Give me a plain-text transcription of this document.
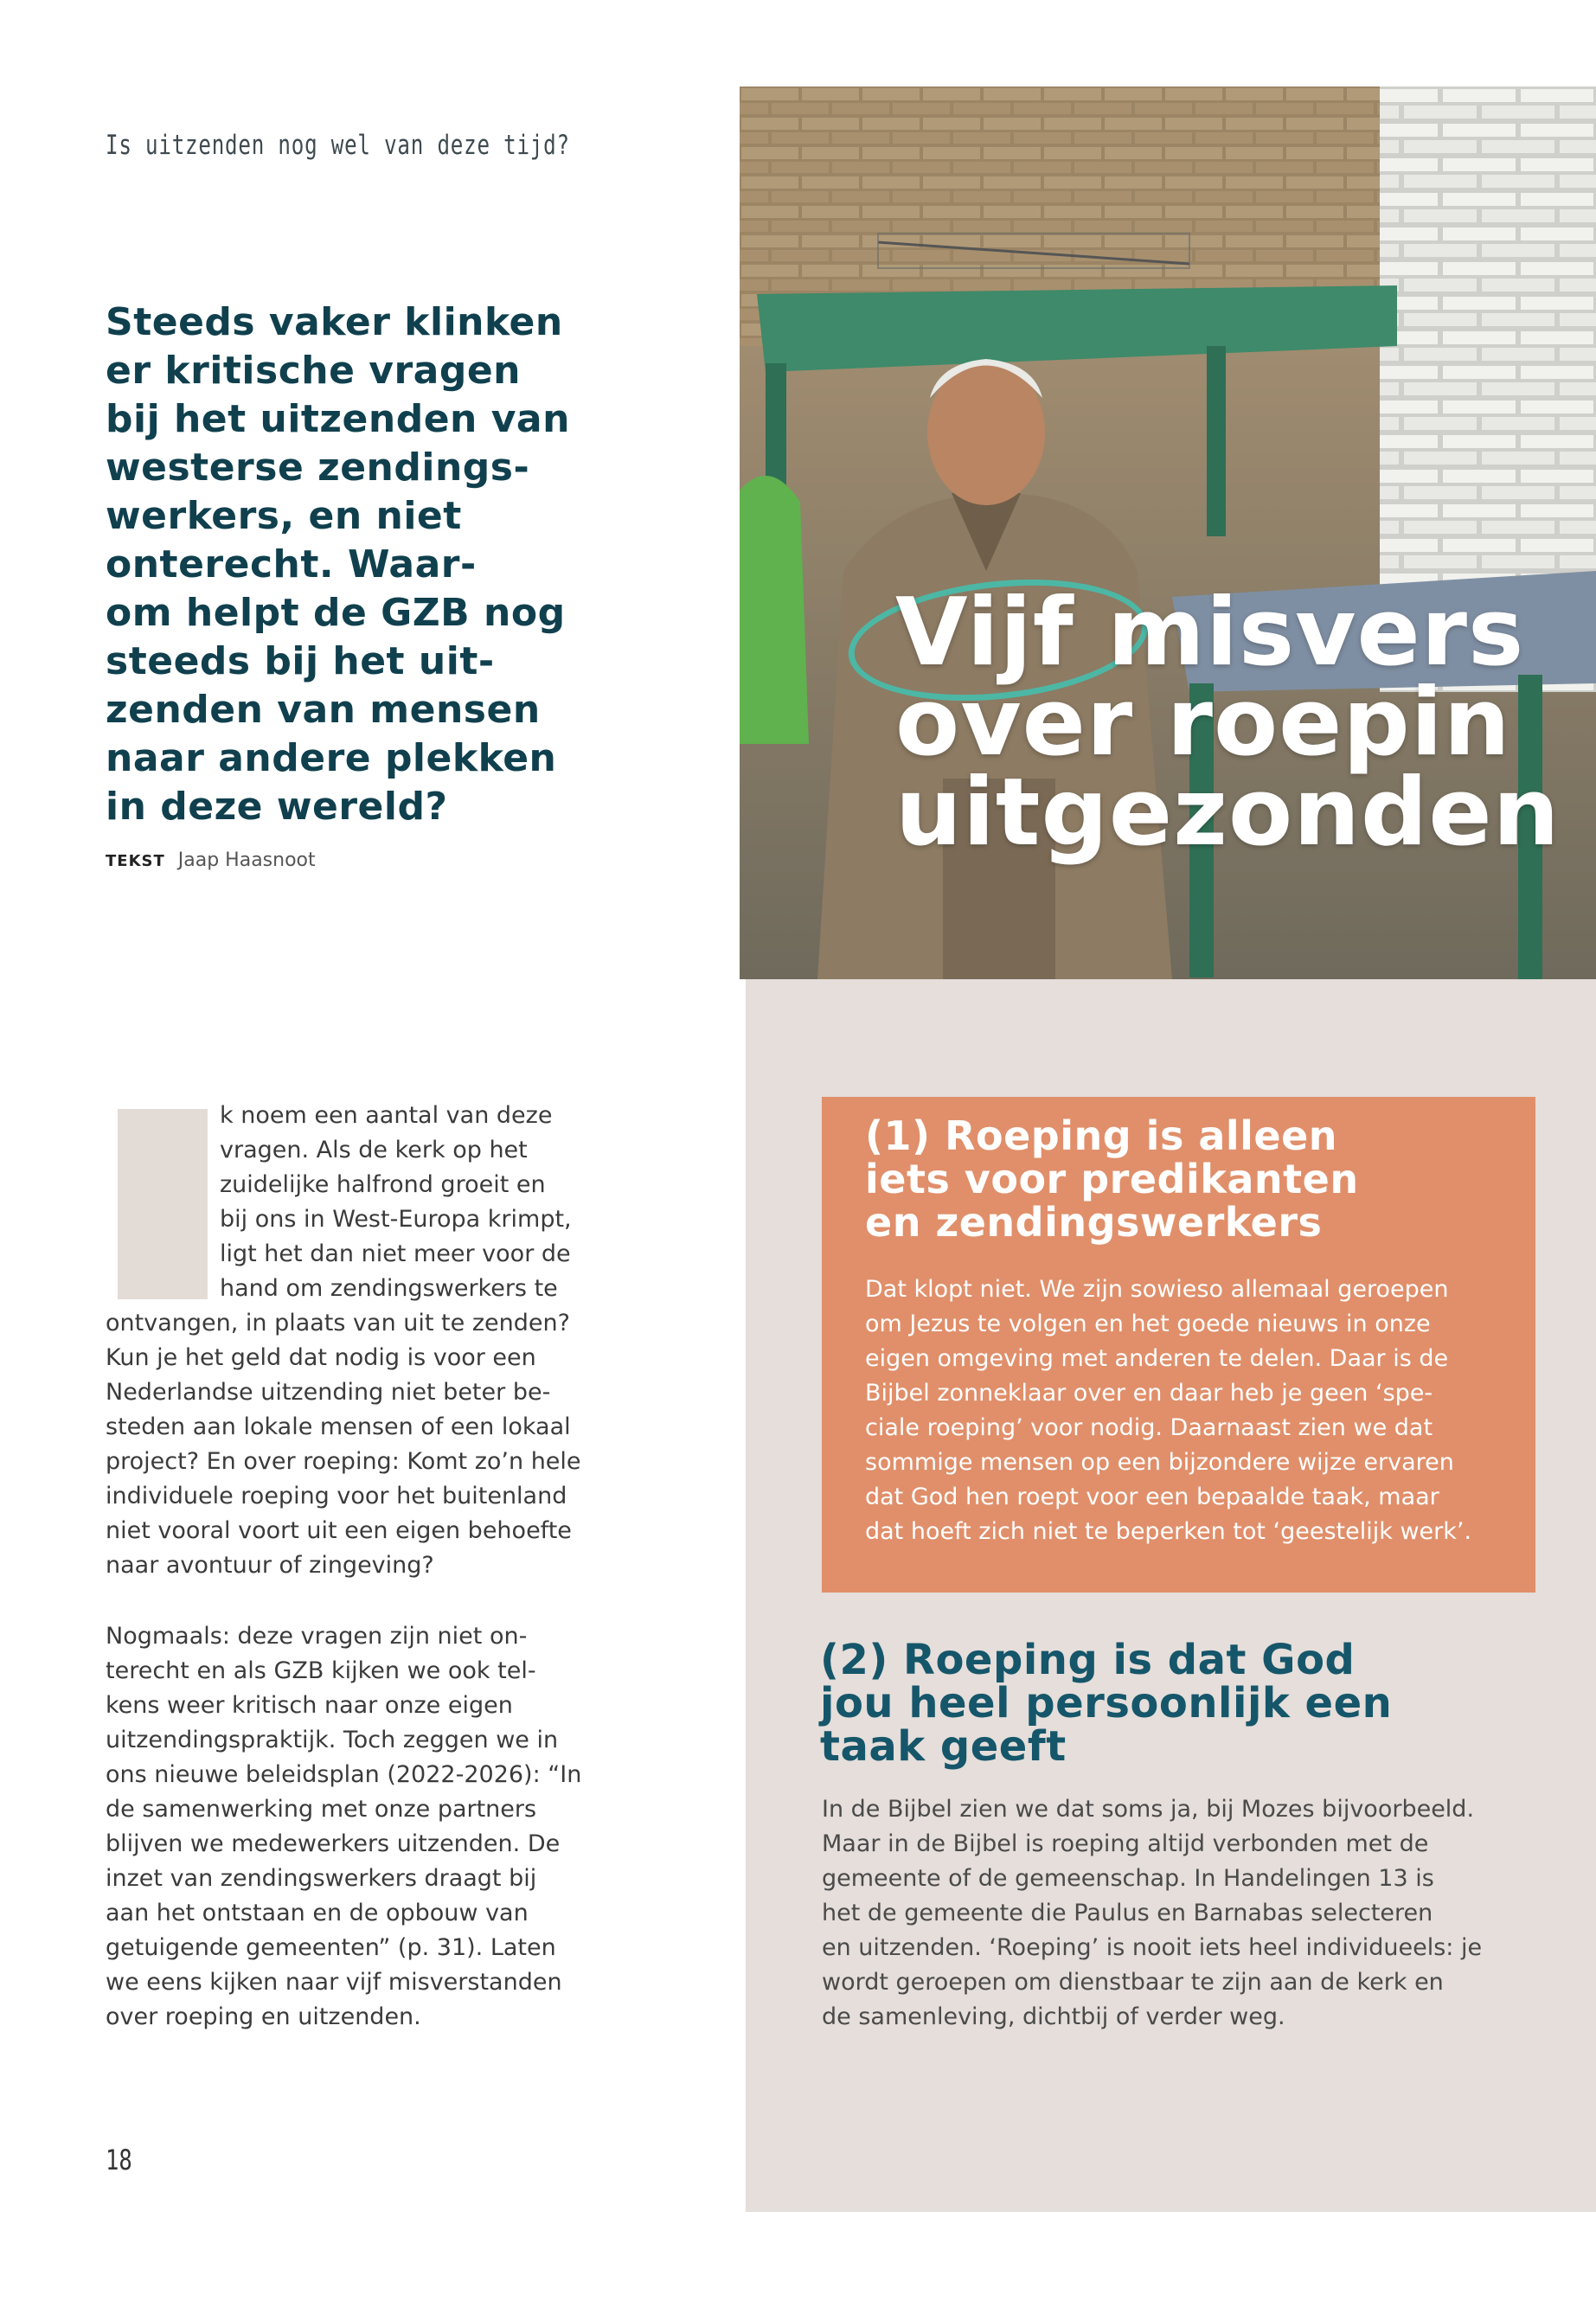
Is uitzenden nog wel van deze tijd?
Steeds vaker klinken
er kritische vragen
bij het uitzenden van
westerse zendings-
werkers, en niet
onterecht. Waar-
om helpt de GZB nog
steeds bij het uit-
zenden van mensen
naar andere plekken
in deze wereld?
TEKST Jaap Haasnoot
Vijf misvers
over roepin
uitgezonden
k noem een aantal van deze
vragen. Als de kerk op het
zuidelijke halfrond groeit en
bij ons in West-Europa krimpt,
ligt het dan niet meer voor de
hand om zendingswerkers te
ontvangen, in plaats van uit te zenden?
Kun je het geld dat nodig is voor een
Nederlandse uitzending niet beter be-
steden aan lokale mensen of een lokaal
project? En over roeping: Komt zo’n hele
individuele roeping voor het buitenland
niet vooral voort uit een eigen behoefte
naar avontuur of zingeving?
Nogmaals: deze vragen zijn niet on-
terecht en als GZB kijken we ook tel-
kens weer kritisch naar onze eigen
uitzendingspraktijk. Toch zeggen we in
ons nieuwe beleidsplan (2022-2026): “In
de samenwerking met onze partners
blijven we medewerkers uitzenden. De
inzet van zendingswerkers draagt bij
aan het ontstaan en de opbouw van
getuigende gemeenten” (p. 31). Laten
we eens kijken naar vijf misverstanden
over roeping en uitzenden.
(1) Roeping is alleen
iets voor predikanten
en zendingswerkers
Dat klopt niet. We zijn sowieso allemaal geroepen
om Jezus te volgen en het goede nieuws in onze
eigen omgeving met anderen te delen. Daar is de
Bijbel zonneklaar over en daar heb je geen ‘spe-
ciale roeping’ voor nodig. Daarnaast zien we dat
sommige mensen op een bijzondere wijze ervaren
dat God hen roept voor een bepaalde taak, maar
dat hoeft zich niet te beperken tot ‘geestelijk werk’.
(2) Roeping is dat God
jou heel persoonlijk een
taak geeft
In de Bijbel zien we dat soms ja, bij Mozes bijvoorbeeld.
Maar in de Bijbel is roeping altijd verbonden met de
gemeente of de gemeenschap. In Handelingen 13 is
het de gemeente die Paulus en Barnabas selecteren
en uitzenden. ‘Roeping’ is nooit iets heel individueels: je
wordt geroepen om dienstbaar te zijn aan de kerk en
de samenleving, dichtbij of verder weg.
18
